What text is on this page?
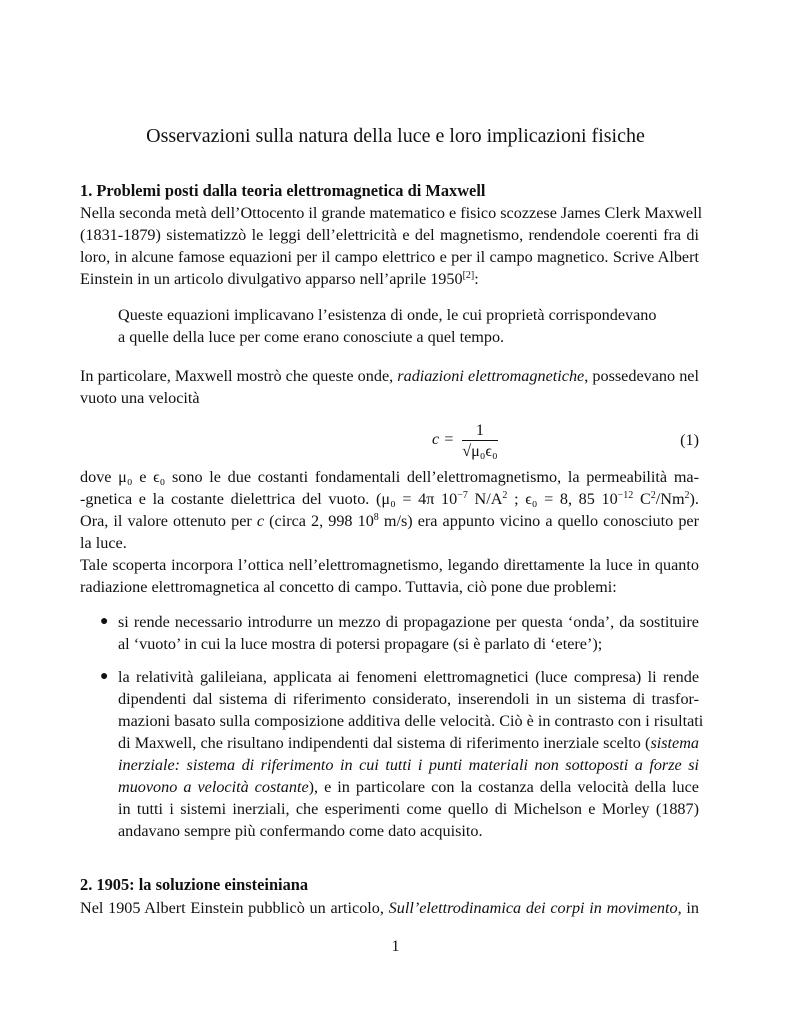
Osservazioni sulla natura della luce e loro implicazioni fisiche
1. Problemi posti dalla teoria elettromagnetica di Maxwell
Nella seconda metà dell’Ottocento il grande matematico e fisico scozzese James Clerk Maxwell
(1831-1879) sistematizzò le leggi dell’elettricità e del magnetismo, rendendole coerenti fra di
loro, in alcune famose equazioni per il campo elettrico e per il campo magnetico. Scrive Albert
Einstein in un articolo divulgativo apparso nell’aprile 1950[2]:
Queste equazioni implicavano l’esistenza di onde, le cui proprietà corrispondevano
a quelle della luce per come erano conosciute a quel tempo.
In particolare, Maxwell mostrò che queste onde, radiazioni elettromagnetiche, possedevano nel
vuoto una velocità
$c = \frac{1}{\text{√μ₀ϵ₀}}$	(1)
dove μ₀ e ϵ₀ sono le due costanti fondamentali dell’elettromagnetismo, la permeabilità ma-
-gnetica e la costante dielettrica del vuoto. (μ₀ = 4π $10^{-7}$ $N/A^2$ ; ϵ₀ = 8, 85 $10^{-12}$ $C^2/Nm^2$).
Ora, il valore ottenuto per c (circa 2, 998 $10^8$ m/s) era appunto vicino a quello conosciuto per
la luce.
Tale scoperta incorpora l’ottica nell’elettromagnetismo, legando direttamente la luce in quanto
radiazione elettromagnetica al concetto di campo. Tuttavia, ciò pone due problemi:
● si rende necessario introdurre un mezzo di propagazione per questa ‘onda’, da sostituire
al ‘vuoto’ in cui la luce mostra di potersi propagare (si è parlato di ‘etere’);
● la relatività galileiana, applicata ai fenomeni elettromagnetici (luce compresa) li rende
dipendenti dal sistema di riferimento considerato, inserendoli in un sistema di trasfor-
mazioni basato sulla composizione additiva delle velocità. Ciò è in contrasto con i risultati
di Maxwell, che risultano indipendenti dal sistema di riferimento inerziale scelto (sistema
inerziale: sistema di riferimento in cui tutti i punti materiali non sottoposti a forze si
muovono a velocità costante), e in particolare con la costanza della velocità della luce
in tutti i sistemi inerziali, che esperimenti come quello di Michelson e Morley (1887)
andavano sempre più confermando come dato acquisito.
2. 1905: la soluzione einsteiniana
Nel 1905 Albert Einstein pubblicò un articolo, Sull’elettrodinamica dei corpi in movimento, in
1
